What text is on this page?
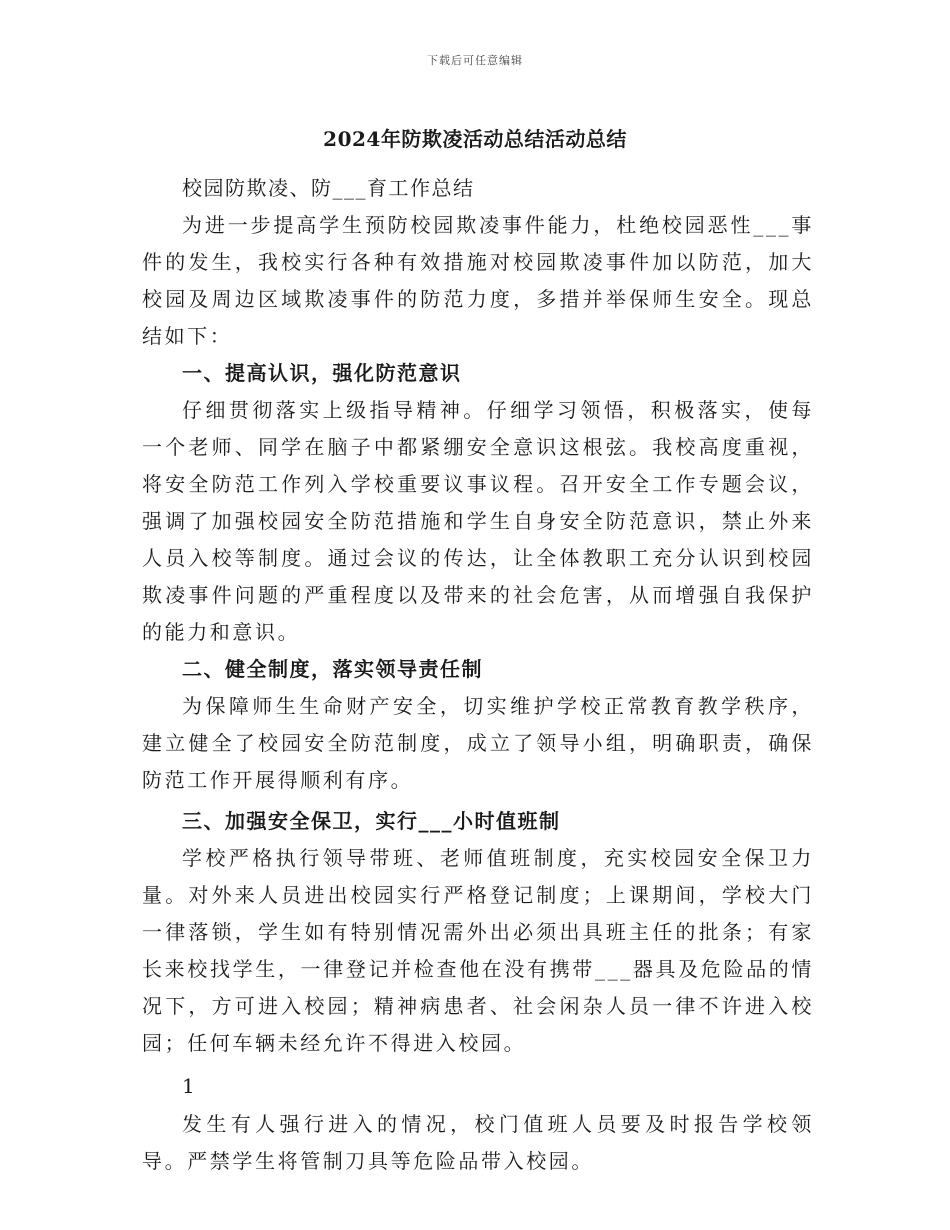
下载后可任意编辑
2024年防欺凌活动总结活动总结

校园防欺凌、防___育工作总结

为进一步提高学生预防校园欺凌事件能力，杜绝校园恶性___事件的发生，我校实行各种有效措施对校园欺凌事件加以防范，加大校园及周边区域欺凌事件的防范力度，多措并举保师生安全。现总结如下：

一、提高认识，强化防范意识

仔细贯彻落实上级指导精神。仔细学习领悟，积极落实，使每一个老师、同学在脑子中都紧绷安全意识这根弦。我校高度重视，将安全防范工作列入学校重要议事议程。召开安全工作专题会议，强调了加强校园安全防范措施和学生自身安全防范意识，禁止外来人员入校等制度。通过会议的传达，让全体教职工充分认识到校园欺凌事件问题的严重程度以及带来的社会危害，从而增强自我保护的能力和意识。

二、健全制度，落实领导责任制

为保障师生生命财产安全，切实维护学校正常教育教学秩序，建立健全了校园安全防范制度，成立了领导小组，明确职责，确保防范工作开展得顺利有序。

三、加强安全保卫，实行___小时值班制

学校严格执行领导带班、老师值班制度，充实校园安全保卫力量。对外来人员进出校园实行严格登记制度；上课期间，学校大门一律落锁，学生如有特别情况需外出必须出具班主任的批条；有家长来校找学生，一律登记并检查他在没有携带___器具及危险品的情况下，方可进入校园；精神病患者、社会闲杂人员一律不许进入校园；任何车辆未经允许不得进入校园。

1

发生有人强行进入的情况，校门值班人员要及时报告学校领导。严禁学生将管制刀具等危险品带入校园。
